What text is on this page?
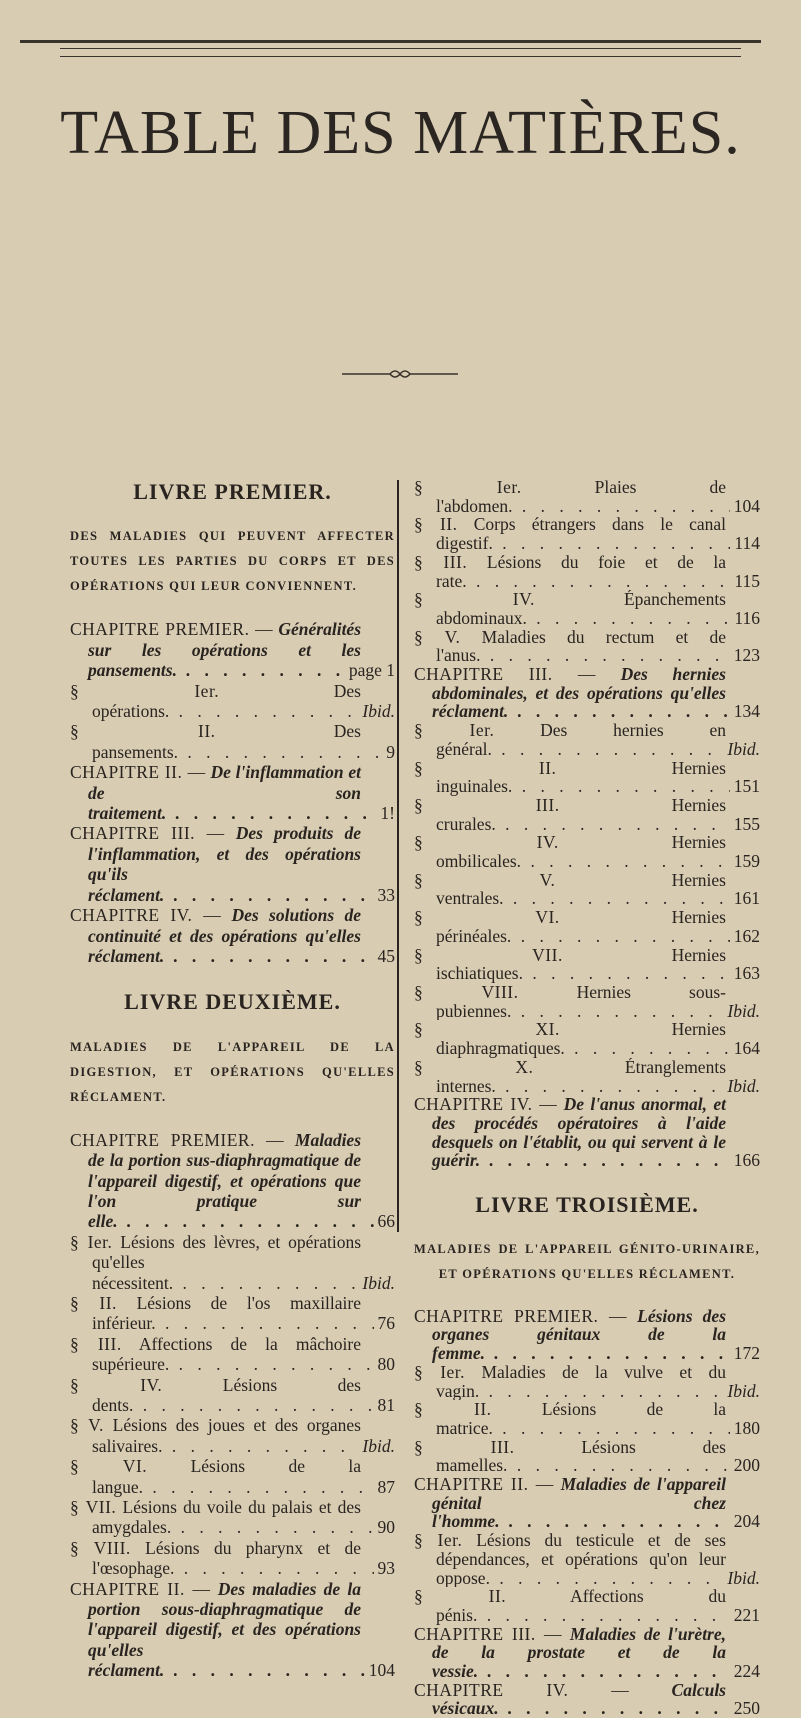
TABLE DES MATIÈRES.
LIVRE PREMIER.
DES MALADIES QUI PEUVENT AFFECTER TOUTES LES PARTIES DU CORPS ET DES OPÉRATIONS QUI LEUR CONVIENNENT.
CHAPITRE PREMIER. — Généralités sur les opérations et les pansements. . . .	page 1
§ Ier.	Des opérations. . . .	Ibid.
§ II.	Des pansements. . . .	9
CHAPITRE II. — De l'inflammation et de son traitement. . . .	1!
CHAPITRE III. — Des produits de l'inflammation, et des opérations qu'ils réclament. . . .	33
CHAPITRE IV. — Des solutions de continuité et des opérations qu'elles réclament. . . .	45
LIVRE DEUXIÈME.
MALADIES DE L'APPAREIL DE LA DIGESTION, ET OPÉRATIONS QU'ELLES RÉCLAMENT.
CHAPITRE PREMIER. — Maladies de la portion sus-diaphragmatique de l'appareil digestif, et opérations que l'on pratique sur elle. . . .	66
§ Ier. Lésions des lèvres, et opérations qu'elles nécessitent. . . .	Ibid.
§ II. Lésions de l'os maxillaire inférieur. . . .	76
§ III. Affections de la mâchoire supérieure. . . .	80
§ IV.	Lésions des dents. . . .	81
§ V. Lésions des joues et des organes salivaires. . . .	Ibid.
§ VI. Lésions de la langue. . . .	87
§ VII. Lésions du voile du palais et des amygdales. . . .	90
§ VIII. Lésions du pharynx et de l'œsophage. . . .	93
CHAPITRE II. — Des maladies de la portion sous-diaphragmatique de l'appareil digestif, et des opérations qu'elles réclament. . . .	104
§ Ier.	Plaies de l'abdomen. . . .	104
§ II. Corps étrangers dans le canal digestif. . . .	114
§ III. Lésions du foie et de la rate. . . .	115
§ IV.	Épanchements abdominaux. . . .	116
§ V. Maladies du rectum et de l'anus. . . .	123
CHAPITRE III. — Des hernies abdominales, et des opérations qu'elles réclament. . . .	134
§ Ier.	Des hernies en général. . . .	Ibid.
§ II.	Hernies inguinales. . . .	151
§ III.	Hernies crurales. . . .	155
§ IV.	Hernies ombilicales. . . .	159
§ V.	Hernies ventrales. . . .	161
§ VI.	Hernies périnéales. . . .	162
§ VII.	Hernies ischiatiques. . . .	163
§ VIII.	Hernies sous-pubiennes. . . .	Ibid.
§ XI.	Hernies diaphragmatiques. . . .	164
§ X.	Étranglements internes. . . .	Ibid.
CHAPITRE IV. — De l'anus anormal, et des procédés opératoires à l'aide desquels on l'établit, ou qui servent à le guérir. . . .	166
LIVRE TROISIÈME.
MALADIES DE L'APPAREIL GÉNITO-URINAIRE, ET OPÉRATIONS QU'ELLES RÉCLAMENT.
CHAPITRE PREMIER. — Lésions des organes génitaux de la femme. . . .	172
§ Ier. Maladies de la vulve et du vagin. . . .	Ibid.
§ II.	Lésions de la matrice. . . .	180
§ III.	Lésions des mamelles. . . .	200
CHAPITRE II. — Maladies de l'appareil génital chez l'homme. . . .	204
§ Ier. Lésions du testicule et de ses dépendances, et opérations qu'on leur oppose. . . .	Ibid.
§ II.	Affections du pénis. . . .	221
CHAPITRE III. — Maladies de l'urètre, de la prostate et de la vessie. . . .	224
CHAPITRE IV. — Calculs vésicaux. . . .	250
